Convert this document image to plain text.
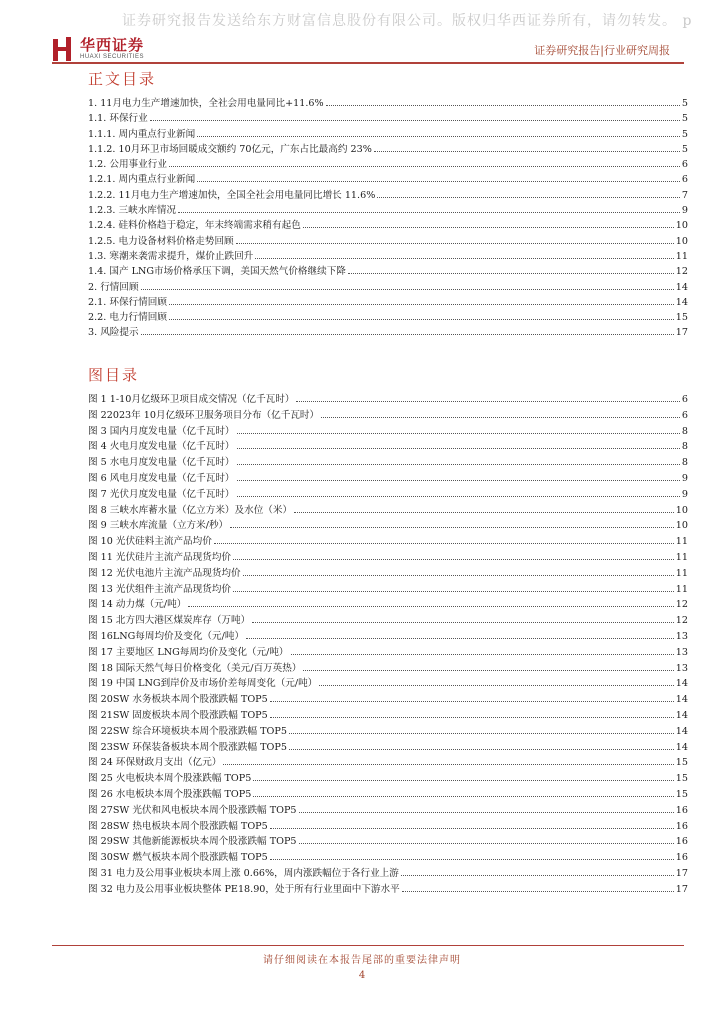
证券研究报告发送给东方财富信息股份有限公司。版权归华西证券所有，请勿转发。 p
华西证券
HUAXI SECURITIES	证券研究报告|行业研究周报
正文目录
1. 11月电力生产增速加快，全社会用电量同比+11.6%	5
1.1. 环保行业	5
1.1.1. 周内重点行业新闻	5
1.1.2. 10月环卫市场回暖成交额约 70亿元，广东占比最高约 23%	5
1.2. 公用事业行业	6
1.2.1. 周内重点行业新闻	6
1.2.2. 11月电力生产增速加快，全国全社会用电量同比增长 11.6%	7
1.2.3. 三峡水库情况	9
1.2.4. 硅料价格趋于稳定，年末终端需求稍有起色	10
1.2.5. 电力设备材料价格走势回顾	10
1.3. 寒潮来袭需求提升，煤价止跌回升	11
1.4. 国产 LNG市场价格承压下调，美国天然气价格继续下降	12
2. 行情回顾	14
2.1. 环保行情回顾	14
2.2. 电力行情回顾	15
3. 风险提示	17
图目录
图 1 1-10月亿级环卫项目成交情况（亿千瓦时）	6
图 22023年 10月亿级环卫服务项目分布（亿千瓦时）	6
图 3 国内月度发电量（亿千瓦时）	8
图 4 火电月度发电量（亿千瓦时）	8
图 5 水电月度发电量（亿千瓦时）	8
图 6 风电月度发电量（亿千瓦时）	9
图 7 光伏月度发电量（亿千瓦时）	9
图 8 三峡水库蓄水量（亿立方米）及水位（米）	10
图 9 三峡水库流量（立方米/秒）	10
图 10 光伏硅料主流产品均价	11
图 11 光伏硅片主流产品现货均价	11
图 12 光伏电池片主流产品现货均价	11
图 13 光伏组件主流产品现货均价	11
图 14 动力煤（元/吨）	12
图 15 北方四大港区煤炭库存（万吨）	12
图 16LNG每周均价及变化（元/吨）	13
图 17 主要地区 LNG每周均价及变化（元/吨）	13
图 18 国际天然气每日价格变化（美元/百万英热）	13
图 19 中国 LNG到岸价及市场价差每周变化（元/吨）	14
图 20SW 水务板块本周个股涨跌幅 TOP5	14
图 21SW 固废板块本周个股涨跌幅 TOP5	14
图 22SW 综合环境板块本周个股涨跌幅 TOP5	14
图 23SW 环保装备板块本周个股涨跌幅 TOP5	14
图 24 环保财政月支出（亿元）	15
图 25 火电板块本周个股涨跌幅 TOP5	15
图 26 水电板块本周个股涨跌幅 TOP5	15
图 27SW 光伏和风电板块本周个股涨跌幅 TOP5	16
图 28SW 热电板块本周个股涨跌幅 TOP5	16
图 29SW 其他新能源板块本周个股涨跌幅 TOP5	16
图 30SW 燃气板块本周个股涨跌幅 TOP5	16
图 31 电力及公用事业板块本周上涨 0.66%，周内涨跌幅位于各行业上游	17
图 32 电力及公用事业板块整体 PE18.90，处于所有行业里面中下游水平	17
请仔细阅读在本报告尾部的重要法律声明
4
